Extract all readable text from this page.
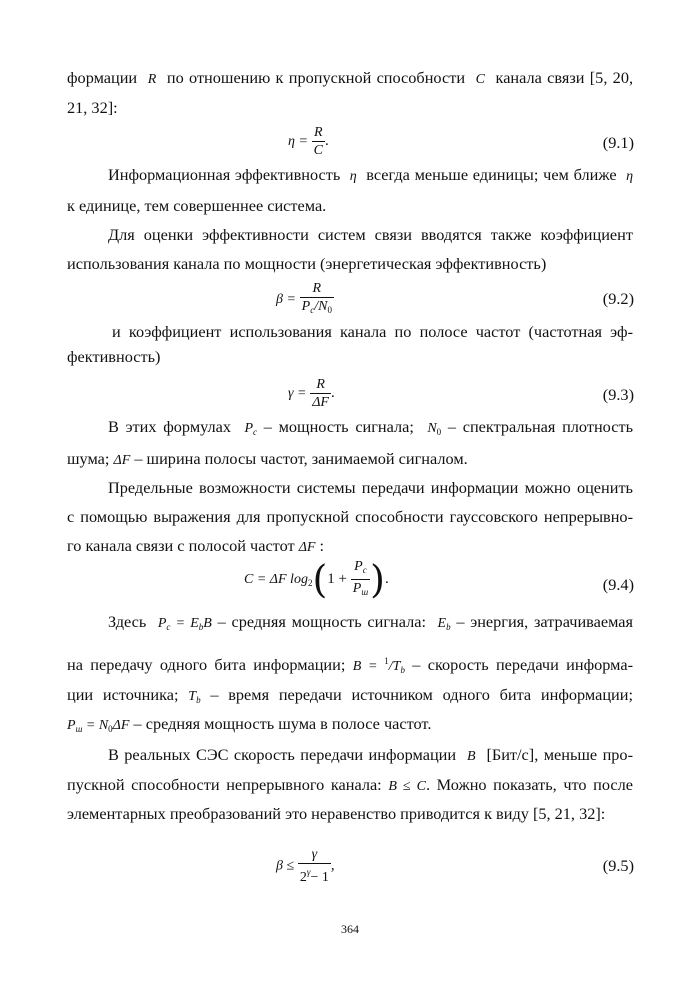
формации R по отношению к пропускной способности C канала связи [5, 20,
21, 32]:
$\eta = \frac{R}{C}$ .	(9.1)
Информационная эффективность η всегда меньше единицы; чем ближе η
к единице, тем совершеннее система.
Для оценки эффективности систем связи вводятся также коэффициент
использования канала по мощности (энергетическая эффективность)
$\beta = \frac{R}{P_c/N_0}$	(9.2)
и коэффициент использования канала по полосе частот (частотная эф-
фективность)
$\gamma = \frac{R}{\Delta F}$ .	(9.3)
В этих формулах $P_c$ – мощность сигнала; $N_0$ – спектральная плотность
шума; ΔF – ширина полосы частот, занимаемой сигналом.
Предельные возможности системы передачи информации можно оценить
с помощью выражения для пропускной способности гауссовского непрерывно-
го канала связи с полосой частот ΔF :
C = ΔF $\log_2(1 + \frac{P_c}{P_ш}$ ).	(9.4)
Здесь $P_c = E_bB$ – средняя мощность сигнала: $E_b$ – энергия, затрачиваемая
на передачу одного бита информации; $B = ^1/T_b$ – скорость передачи информа-
ции источника; $T_b$ – время передачи источником одного бита информации;
$P_ш = N_0\Delta F$ – средняя мощность шума в полосе частот.
В реальных СЭС скорость передачи информации B [Бит/с], меньше про-
пускной способности непрерывного канала: B ≤ C. Можно показать, что после
элементарных преобразований это неравенство приводится к виду [5, 21, 32]:
$\beta \le \frac{\gamma}{2^\gamma- 1}$ ,	(9.5)
364
